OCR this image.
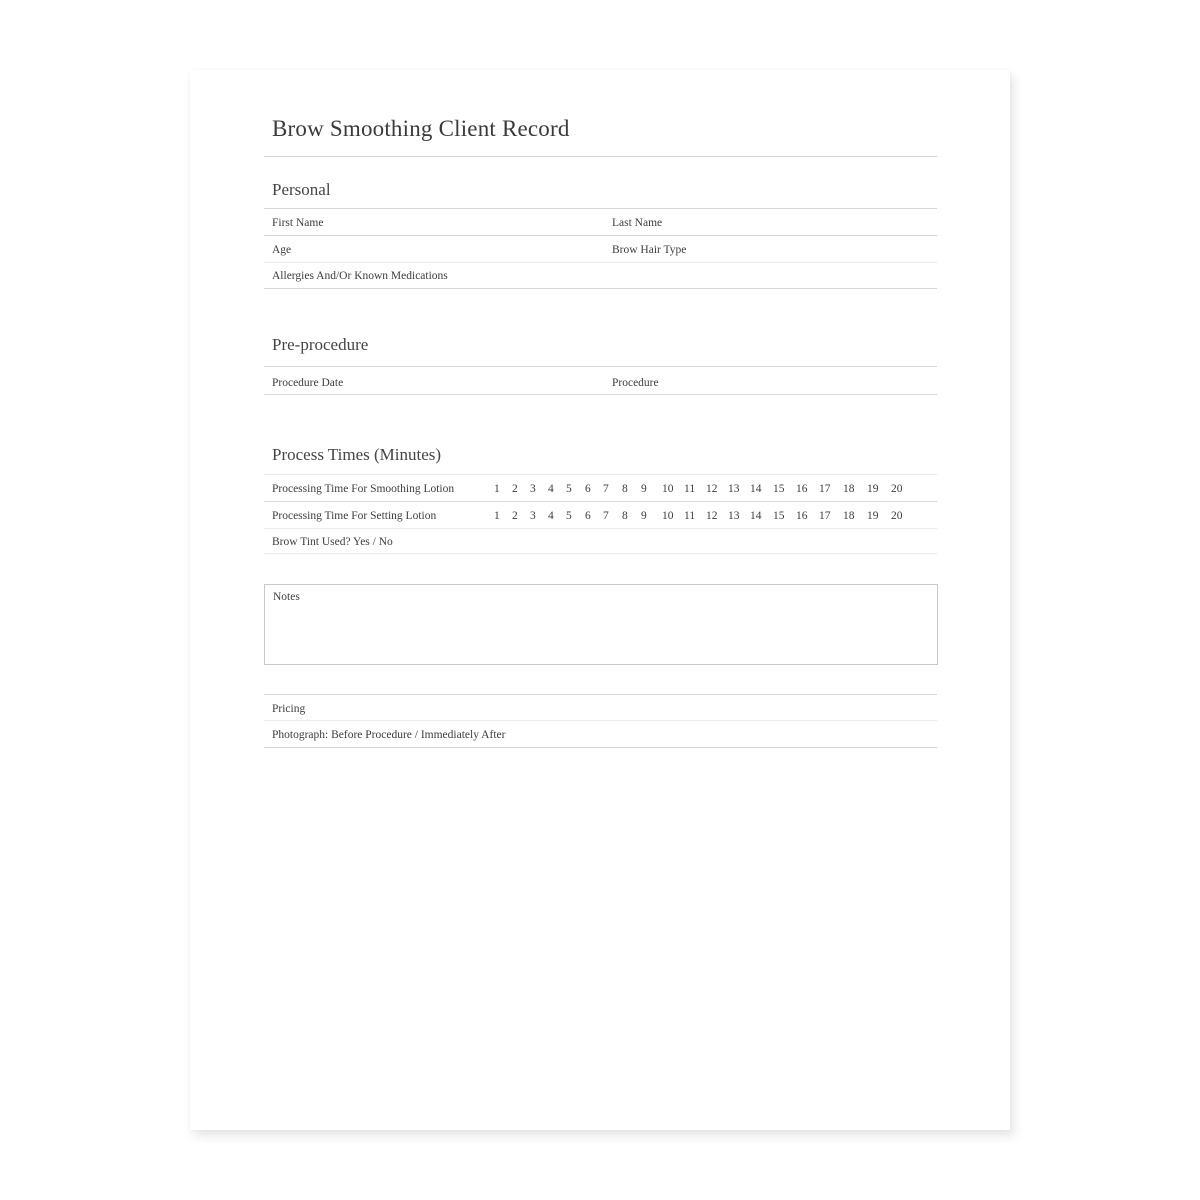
Brow Smoothing Client Record
Personal
First Name	Last Name
Age	Brow Hair Type
Allergies And/Or Known Medications
Pre-procedure
Procedure Date	Procedure
Process Times (Minutes)
Processing Time For Smoothing Lotion	1 2 3 4 5 6 7 8 9 10 11 12 13 14 15 16 17 18 19 20
Processing Time For Setting Lotion	1 2 3 4 5 6 7 8 9 10 11 12 13 14 15 16 17 18 19 20
Brow Tint Used? Yes / No
Notes
Pricing
Photograph: Before Procedure / Immediately After
